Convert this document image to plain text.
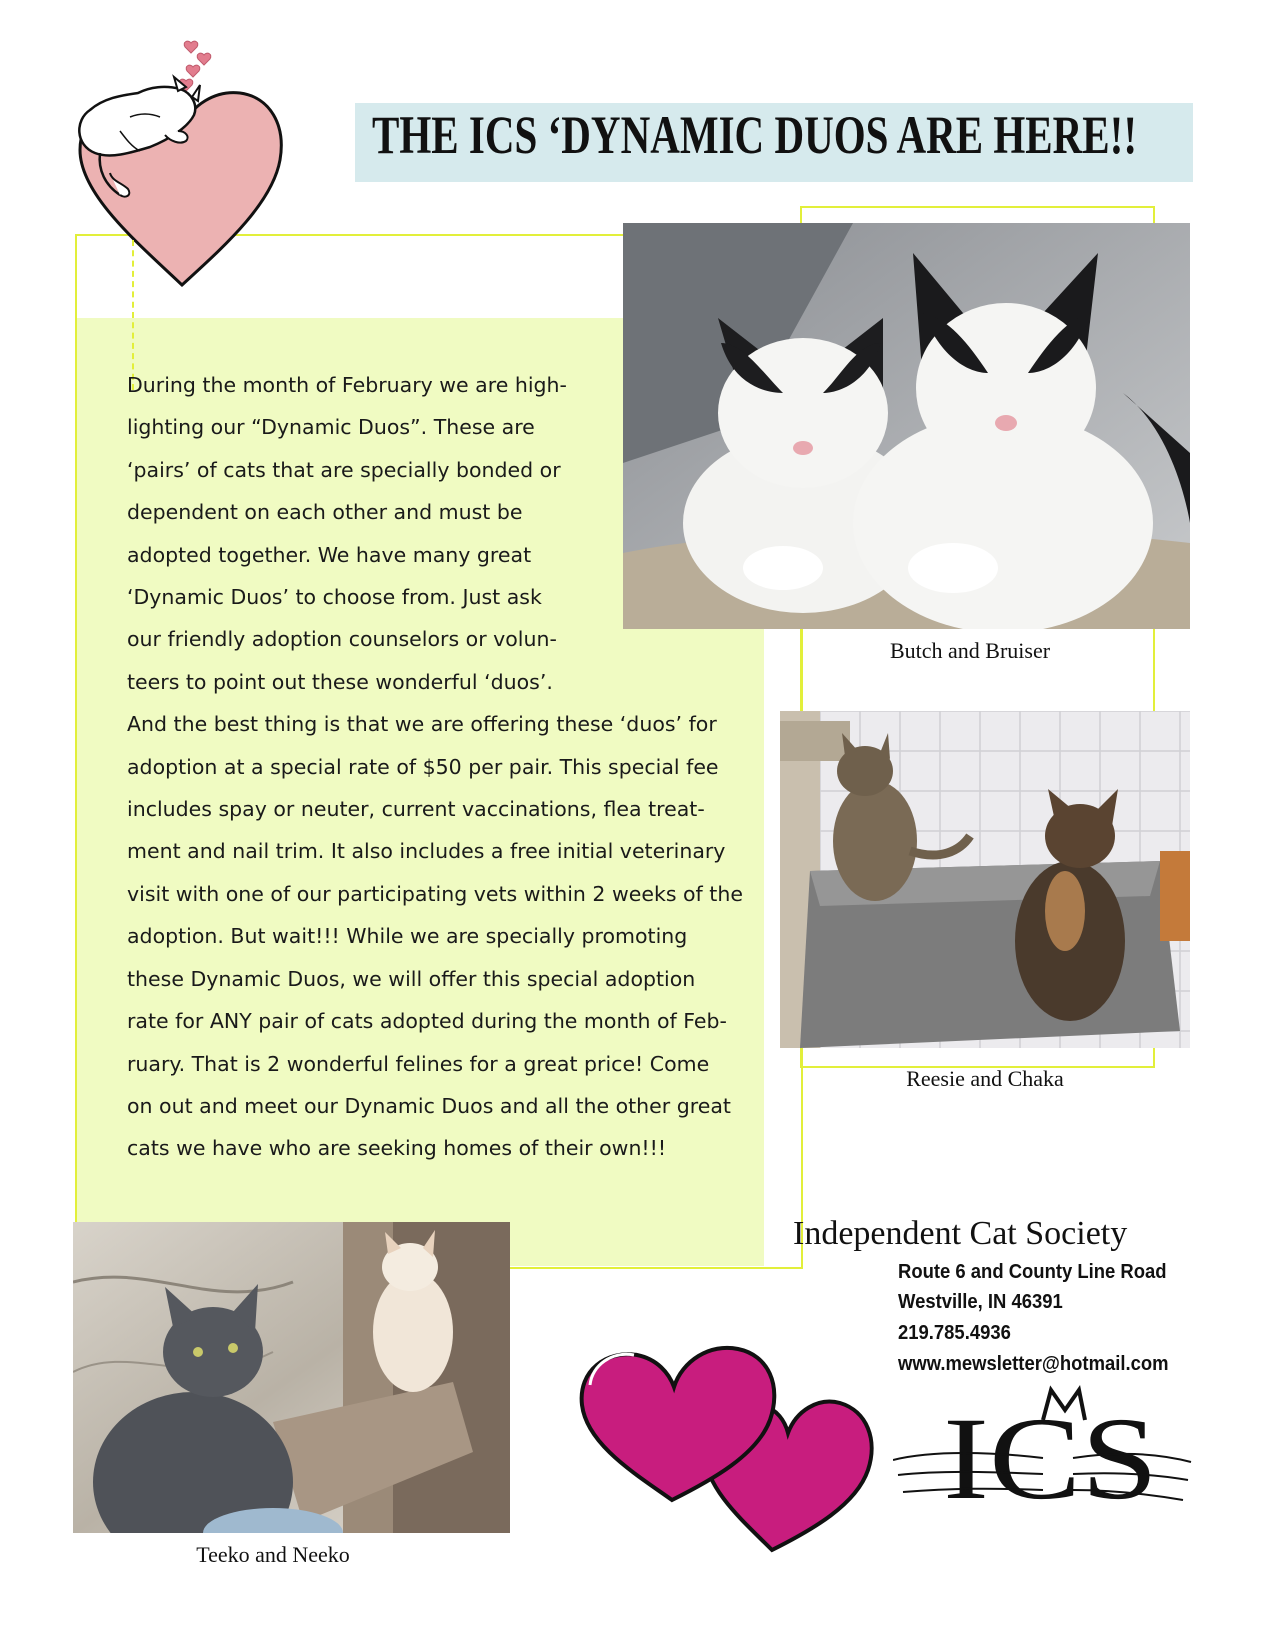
THE ICS ‘DYNAMIC DUOS ARE HERE!!

During the month of February we are high-

lighting our “Dynamic Duos”. These are

‘pairs’ of cats that are specially bonded or

dependent on each other and must be

adopted together. We have many great

‘Dynamic Duos’ to choose from. Just ask

our friendly adoption counselors or volun-

teers to point out these wonderful ‘duos’.

And the best thing is that we are offering these ‘duos’ for

adoption at a special rate of $50 per pair. This special fee

includes spay or neuter, current vaccinations, flea treat-

ment and nail trim. It also includes a free initial veterinary

visit with one of our participating vets within 2 weeks of the

adoption. But wait!!! While we are specially promoting

these Dynamic Duos, we will offer this special adoption

rate for ANY pair of cats adopted during the month of Feb-

ruary. That is 2 wonderful felines for a great price! Come

on out and meet our Dynamic Duos and all the other great

cats we have who are seeking homes of their own!!!

Butch and Bruiser
Reesie and Chaka
Teeko and Neeko
Independent Cat Society
Route 6 and County Line Road
Westville, IN 46391
219.785.4936
www.mewsletter@hotmail.com
ICS
